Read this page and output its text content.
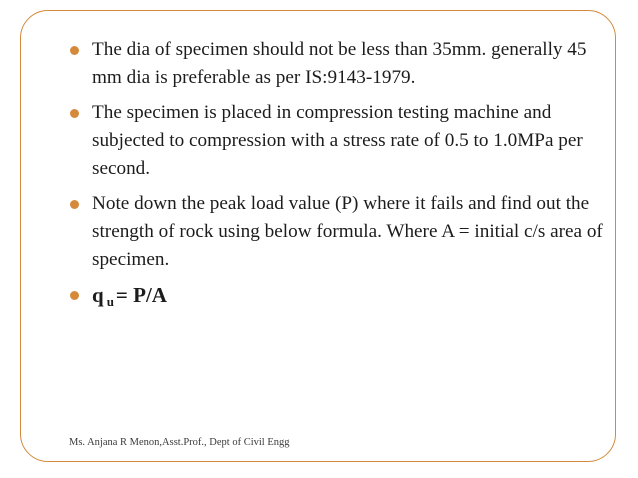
The dia of specimen should not be less than 35mm. generally 45 mm dia is preferable as per IS:9143-1979.
The specimen is placed in compression testing machine and subjected to compression with a stress rate of 0.5 to 1.0MPa per second.
Note down the peak load value (P) where it fails and find out the strength of rock using below formula. Where A = initial c/s area of specimen.
q $_u$= P/A
Ms. Anjana R Menon,Asst.Prof., Dept of Civil Engg
